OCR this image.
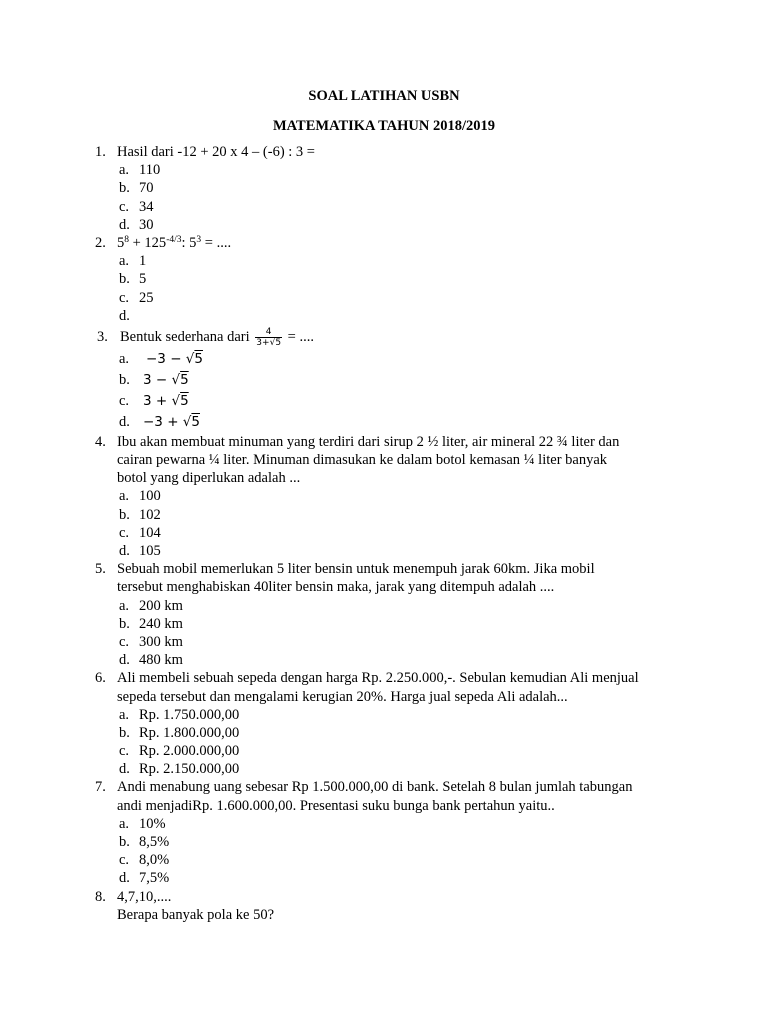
SOAL LATIHAN USBN
MATEMATIKA TAHUN 2018/2019
1. Hasil dari -12 + 20 x 4 – (-6) : 3 =
a. 110
b. 70
c. 34
d. 30
2. $5^8 + 125^{-4/3}$: $5^3$ = ....
a. 1
b. 5
c. 25
d.
3. Bentuk sederhana dari $\frac{4}{3+√5}$ = ....
a. −3 − √5
b. 3 − √5
c. 3 + √5
d. −3 + √5
4. Ibu akan membuat minuman yang terdiri dari sirup 2 ½ liter, air mineral 22 ¾ liter dan
cairan pewarna ¼ liter. Minuman dimasukan ke dalam botol kemasan ¼ liter banyak
botol yang diperlukan adalah ...
a. 100
b. 102
c. 104
d. 105
5. Sebuah mobil memerlukan 5 liter bensin untuk menempuh jarak 60km. Jika mobil
tersebut menghabiskan 40liter bensin maka, jarak yang ditempuh adalah ....
a. 200 km
b. 240 km
c. 300 km
d. 480 km
6. Ali membeli sebuah sepeda dengan harga Rp. 2.250.000,-. Sebulan kemudian Ali menjual
sepeda tersebut dan mengalami kerugian 20%. Harga jual sepeda Ali adalah...
a. Rp. 1.750.000,00
b. Rp. 1.800.000,00
c. Rp. 2.000.000,00
d. Rp. 2.150.000,00
7. Andi menabung uang sebesar Rp 1.500.000,00 di bank. Setelah 8 bulan jumlah tabungan
andi menjadiRp. 1.600.000,00. Presentasi suku bunga bank pertahun yaitu..
a. 10%
b. 8,5%
c. 8,0%
d. 7,5%
8. 4,7,10,....
Berapa banyak pola ke 50?
